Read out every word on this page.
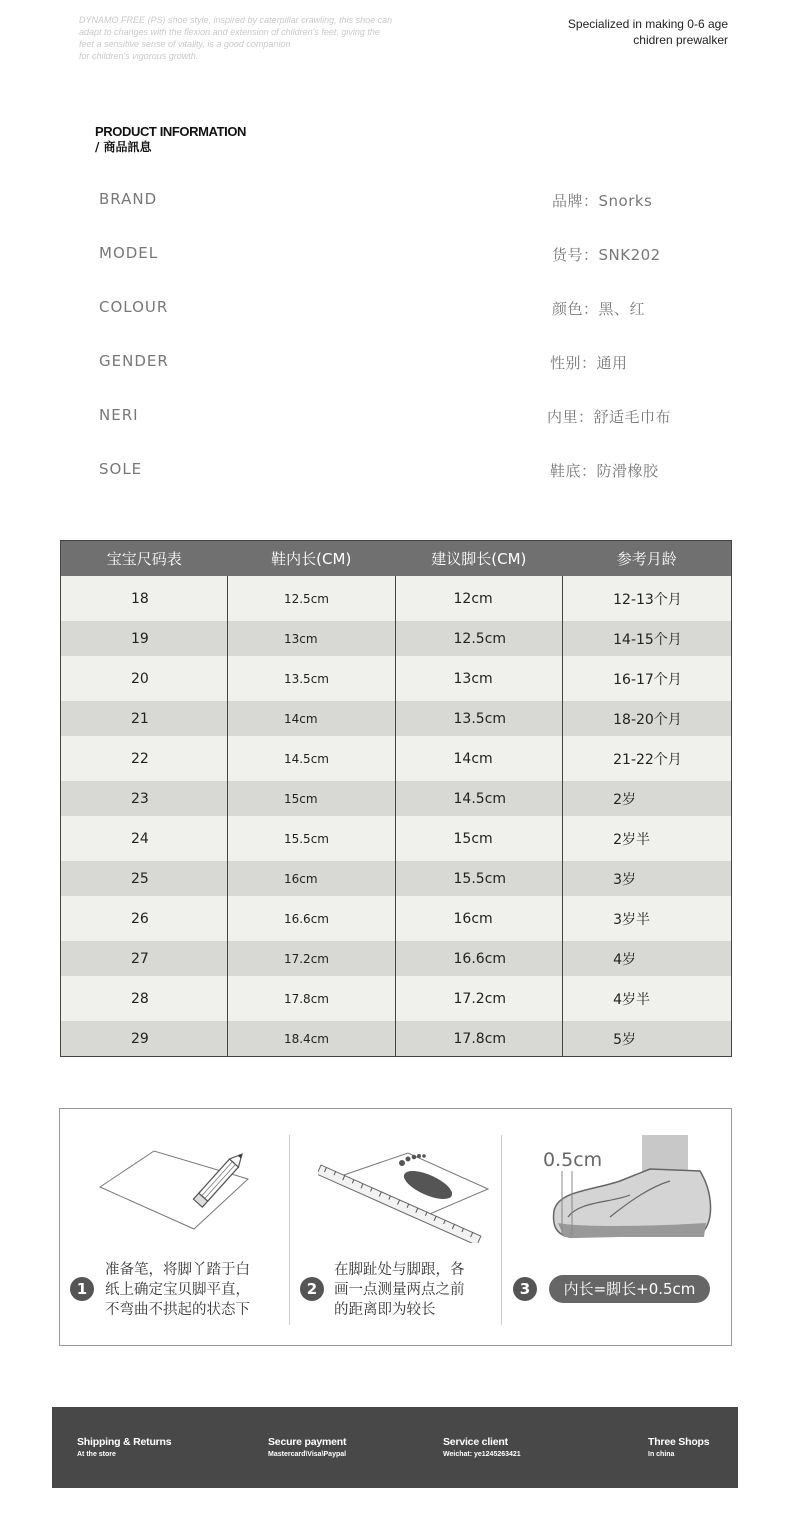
DYNAMO FREE (PS) shoe style, inspired by caterpillar crawling, this shoe can
adapt to changes with the flexion and extension of children's feet, giving the
feet a sensitive sense of vitality, is a good companion
for children's vigorous growth.
Specialized in making 0-6 age
chidren prewalker
PRODUCT INFORMATION
/ 商品訊息
BRAND	品牌：Snorks
MODEL	货号：SNK202
COLOUR	颜色：黑、红
GENDER	性别：通用
NERI	内里：舒适毛巾布
SOLE	鞋底：防滑橡胶
宝宝尺码表	鞋内长(CM)	建议脚长(CM)	参考月龄
18	12.5cm	12cm	12-13个月
19	13cm	12.5cm	14-15个月
20	13.5cm	13cm	16-17个月
21	14cm	13.5cm	18-20个月
22	14.5cm	14cm	21-22个月
23	15cm	14.5cm	2岁
24	15.5cm	15cm	2岁半
25	16cm	15.5cm	3岁
26	16.6cm	16cm	3岁半
27	17.2cm	16.6cm	4岁
28	17.8cm	17.2cm	4岁半
29	18.4cm	17.8cm	5岁
0.5cm
1
准备笔，将脚丫踏于白
纸上确定宝贝脚平直，
不弯曲不拱起的状态下
2
在脚趾处与脚跟，各
画一点测量两点之前
的距离即为较长
3	内长=脚长+0.5cm
Shipping & Returns
At the store
Secure payment
Mastercard\Visa\Paypal
Service client
Weichat: ye1245263421
Three Shops
In china
